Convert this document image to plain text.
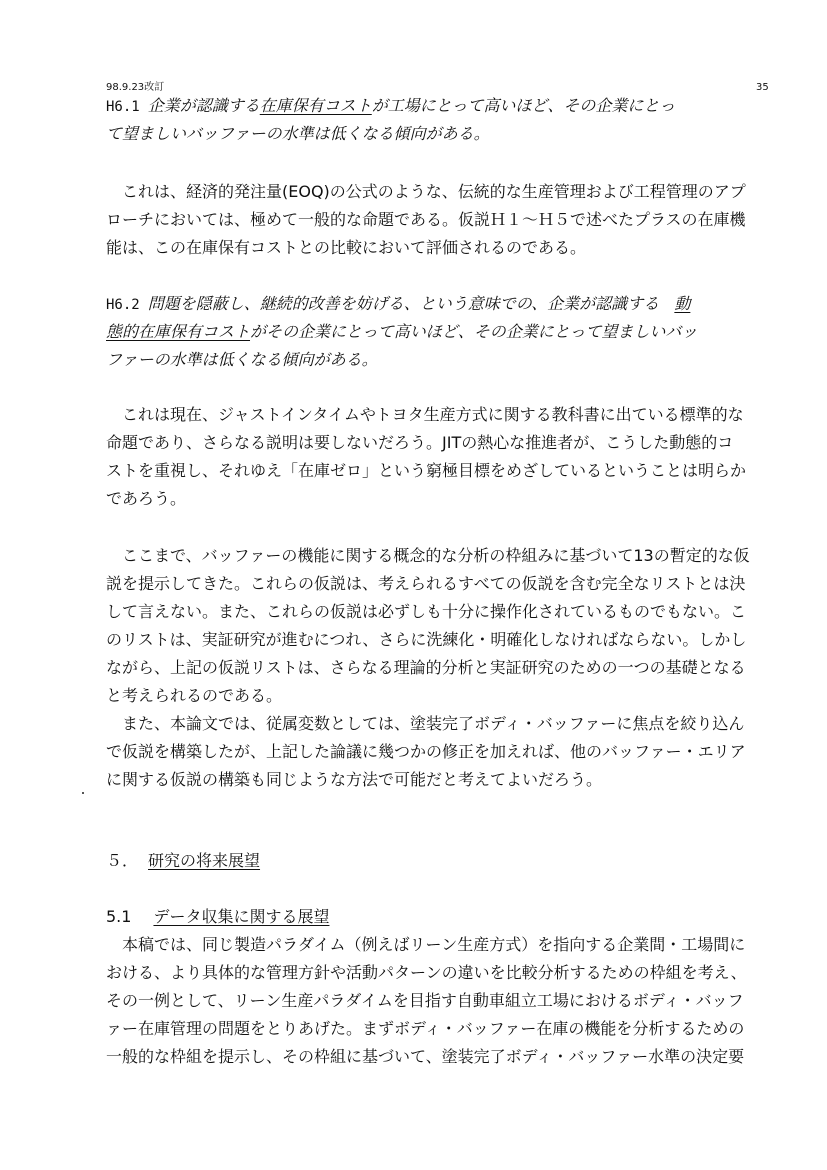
98.9.23改訂	35
H6.1 企業が認識する在庫保有コストが工場にとって高いほど、その企業にとっ
て望ましいバッファーの水準は低くなる傾向がある。
　これは、経済的発注量(EOQ)の公式のような、伝統的な生産管理および工程管理のアプ
ローチにおいては、極めて一般的な命題である。仮説Ｈ１～Ｈ５で述べたプラスの在庫機
能は、この在庫保有コストとの比較において評価されるのである。
H6.2 問題を隠蔽し、継続的改善を妨げる、という意味での、企業が認識する 動
態的在庫保有コストがその企業にとって高いほど、その企業にとって望ましいバッ
ファーの水準は低くなる傾向がある。
　これは現在、ジャストインタイムやトヨタ生産方式に関する教科書に出ている標準的な
命題であり、さらなる説明は要しないだろう。JITの熱心な推進者が、こうした動態的コ
ストを重視し、それゆえ「在庫ゼロ」という窮極目標をめざしているということは明らか
であろう。
　ここまで、バッファーの機能に関する概念的な分析の枠組みに基づいて13の暫定的な仮
説を提示してきた。これらの仮説は、考えられるすべての仮説を含む完全なリストとは決
して言えない。また、これらの仮説は必ずしも十分に操作化されているものでもない。こ
のリストは、実証研究が進むにつれ、さらに洗練化・明確化しなければならない。しかし
ながら、上記の仮説リストは、さらなる理論的分析と実証研究のための一つの基礎となる
と考えられるのである。
　また、本論文では、従属変数としては、塗装完了ボディ・バッファーに焦点を絞り込ん
で仮説を構築したが、上記した論議に幾つかの修正を加えれば、他のバッファー・エリア
に関する仮説の構築も同じような方法で可能だと考えてよいだろう。
５． 研究の将来展望
5.1 データ収集に関する展望
　本稿では、同じ製造パラダイム（例えばリーン生産方式）を指向する企業間・工場間に
おける、より具体的な管理方針や活動パターンの違いを比較分析するための枠組を考え、
その一例として、リーン生産パラダイムを目指す自動車組立工場におけるボディ・バッフ
ァー在庫管理の問題をとりあげた。まずボディ・バッファー在庫の機能を分析するための
一般的な枠組を提示し、その枠組に基づいて、塗装完了ボディ・バッファー水準の決定要
